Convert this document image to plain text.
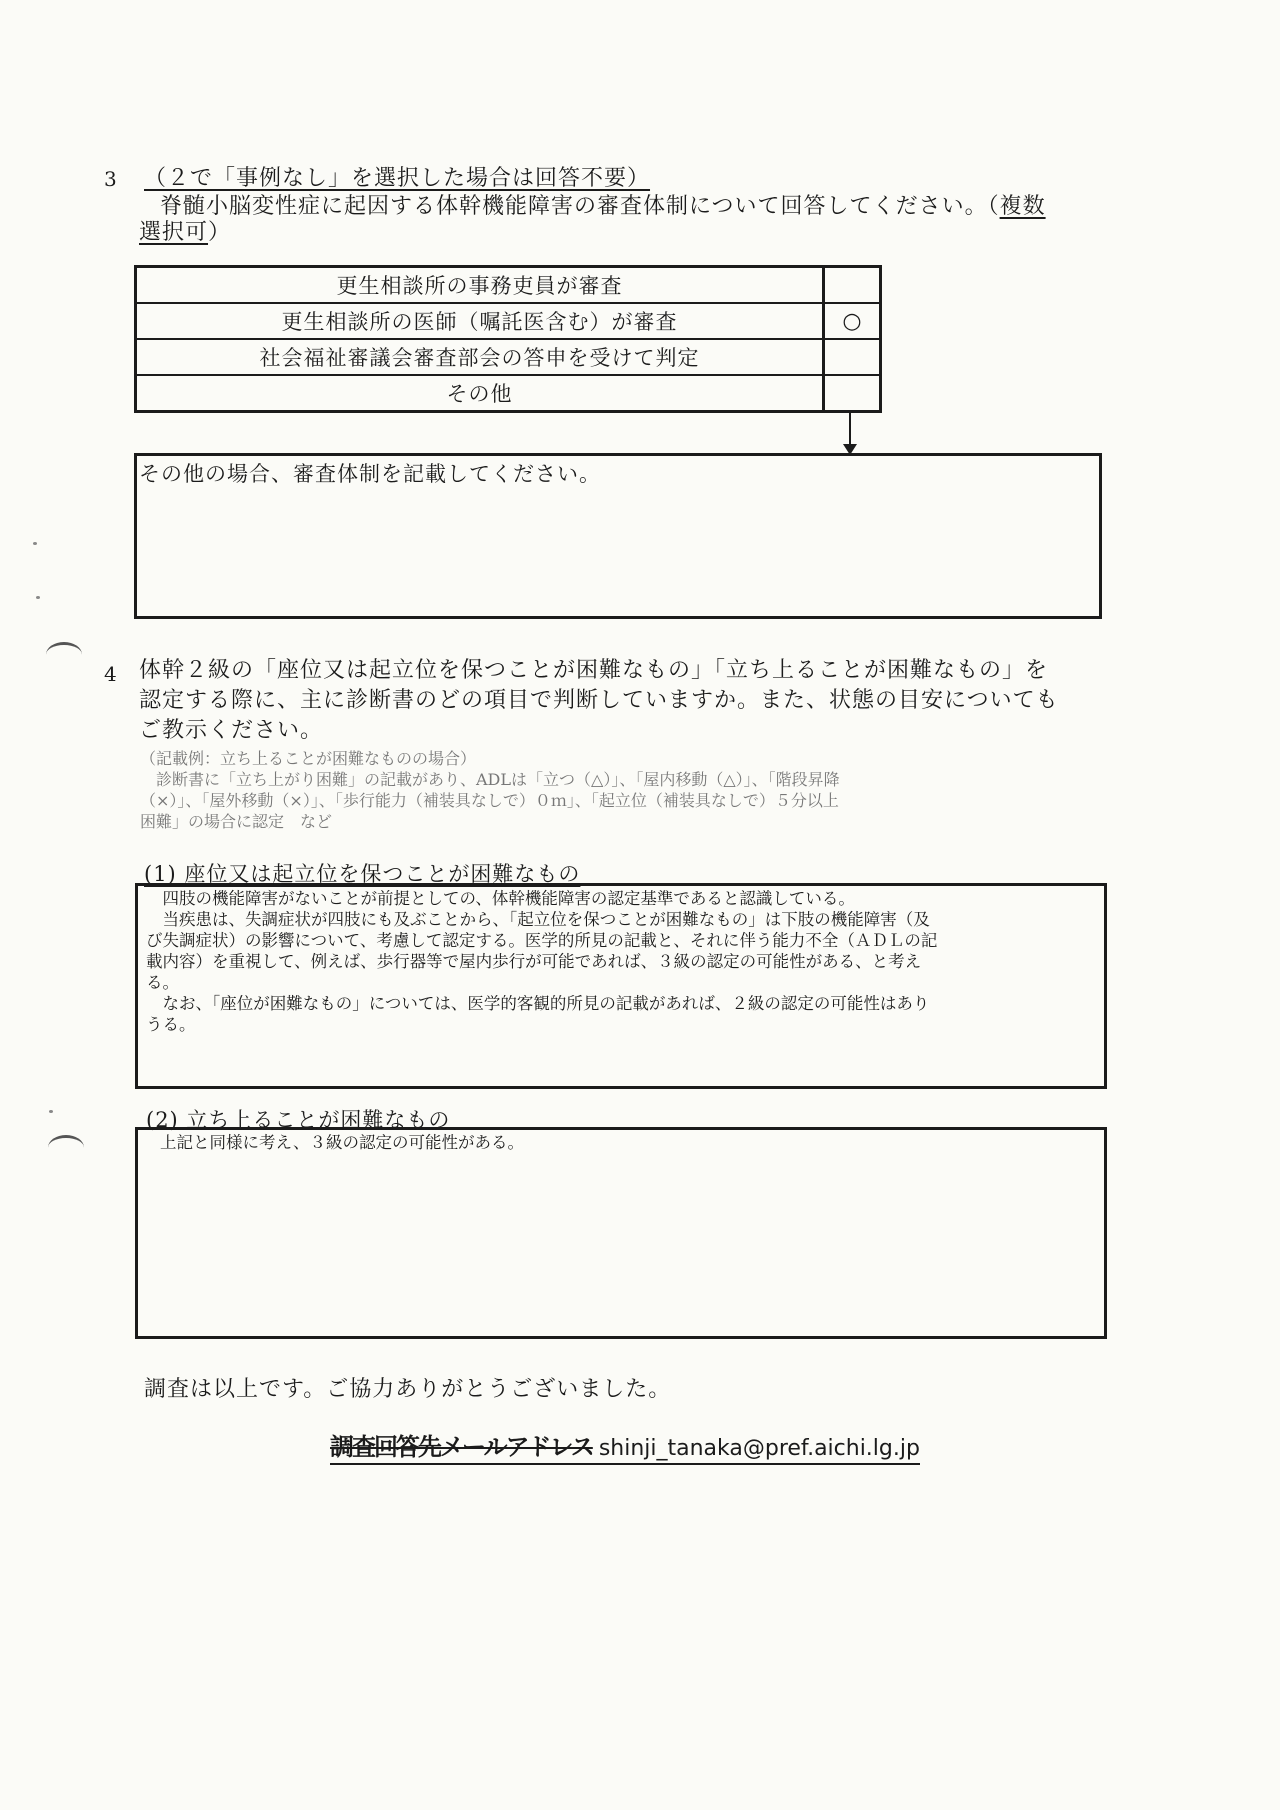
3 （２で「事例なし」を選択した場合は回答不要）
脊髄小脳変性症に起因する体幹機能障害の審査体制について回答してください。（複数
選択可）
更生相談所の事務吏員が審査
更生相談所の医師（嘱託医含む）が審査	○
社会福祉審議会審査部会の答申を受けて判定
その他
その他の場合、審査体制を記載してください。
4 体幹２級の「座位又は起立位を保つことが困難なもの」「立ち上ることが困難なもの」を
認定する際に、主に診断書のどの項目で判断していますか。また、状態の目安についても
ご教示ください。
（記載例：立ち上ることが困難なものの場合）
　診断書に「立ち上がり困難」の記載があり、ADLは「立つ（△）」、「屋内移動（△）」、「階段昇降
（×）」、「屋外移動（×）」、「歩行能力（補装具なしで）０ｍ」、「起立位（補装具なしで）５分以上
困難」の場合に認定　など
(1) 座位又は起立位を保つことが困難なもの
　四肢の機能障害がないことが前提としての、体幹機能障害の認定基準であると認識している。
　当疾患は、失調症状が四肢にも及ぶことから、「起立位を保つことが困難なもの」は下肢の機能障害（及
び失調症状）の影響について、考慮して認定する。医学的所見の記載と、それに伴う能力不全（ＡＤＬの記
載内容）を重視して、例えば、歩行器等で屋内歩行が可能であれば、３級の認定の可能性がある、と考え
る。
　なお、「座位が困難なもの」については、医学的客観的所見の記載があれば、２級の認定の可能性はあり
うる。
(2) 立ち上ることが困難なもの
上記と同様に考え、３級の認定の可能性がある。
調査は以上です。ご協力ありがとうございました。
調査回答先メールアドレス shinji_tanaka@pref.aichi.lg.jp
